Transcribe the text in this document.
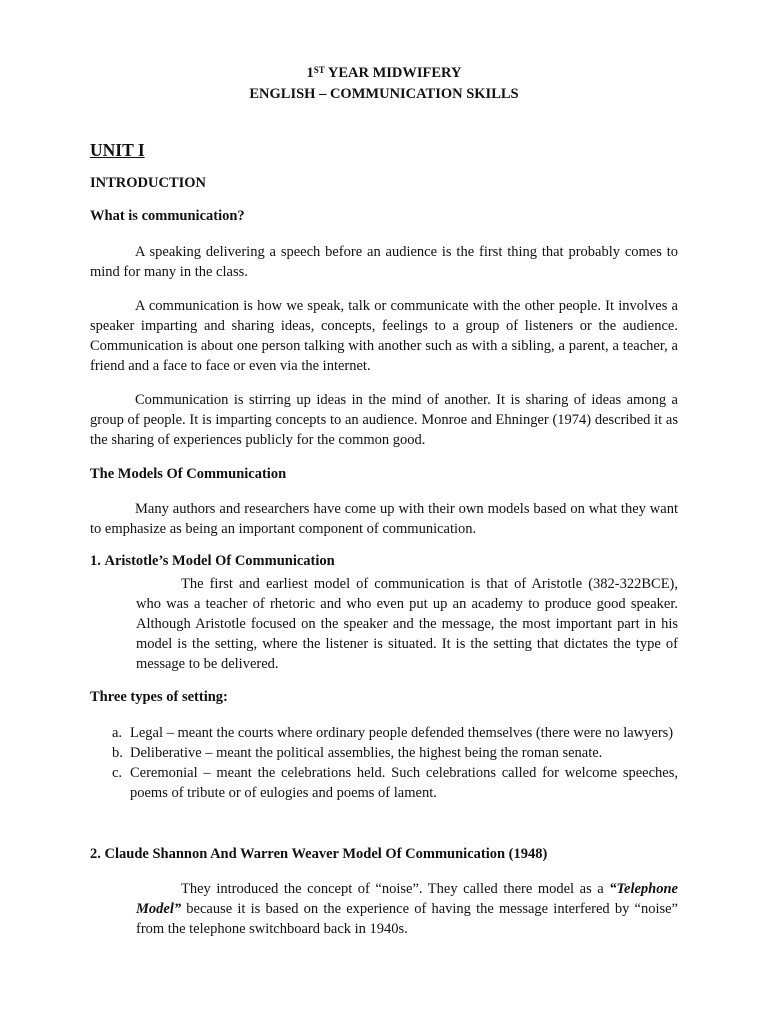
1ST YEAR MIDWIFERY
ENGLISH – COMMUNICATION SKILLS
UNIT I
INTRODUCTION
What is communication?

A speaking delivering a speech before an audience is the first thing that probably comes to mind for many in the class.

A communication is how we speak, talk or communicate with the other people. It involves a speaker imparting and sharing ideas, concepts, feelings to a group of listeners or the audience. Communication is about one person talking with another such as with a sibling, a parent, a teacher, a friend and a face to face or even via the internet.

Communication is stirring up ideas in the mind of another. It is sharing of ideas among a group of people. It is imparting concepts to an audience. Monroe and Ehninger (1974) described it as the sharing of experiences publicly for the common good.

The Models Of Communication

Many authors and researchers have come up with their own models based on what they want to emphasize as being an important component of communication.

1. Aristotle’s Model Of Communication

The first and earliest model of communication is that of Aristotle (382-322BCE), who was a teacher of rhetoric and who even put up an academy to produce good speaker. Although Aristotle focused on the speaker and the message, the most important part in his model is the setting, where the listener is situated. It is the setting that dictates the type of message to be delivered.

Three types of setting:
a. Legal – meant the courts where ordinary people defended themselves (there were no lawyers)
b. Deliberative – meant the political assemblies, the highest being the roman senate.
c. Ceremonial – meant the celebrations held. Such celebrations called for welcome speeches, poems of tribute or of eulogies and poems of lament.
2. Claude Shannon And Warren Weaver Model Of Communication (1948)

They introduced the concept of “noise”. They called there model as a “Telephone Model” because it is based on the experience of having the message interfered by “noise” from the telephone switchboard back in 1940s.
